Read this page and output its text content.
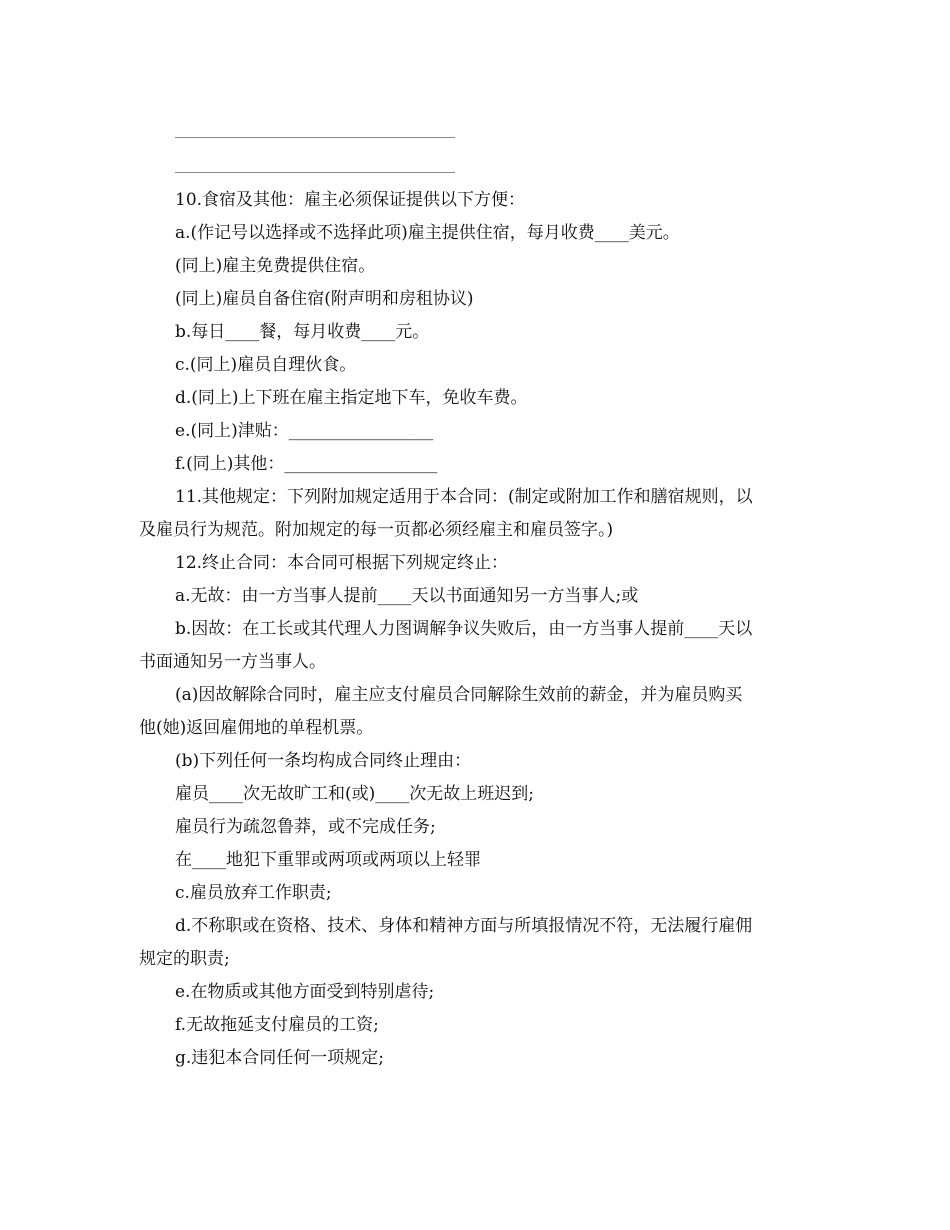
10.食宿及其他：雇主必须保证提供以下方便：
a.(作记号以选择或不选择此项)雇主提供住宿，每月收费____美元。
(同上)雇主免费提供住宿。
(同上)雇员自备住宿(附声明和房租协议)
b.每日____餐，每月收费____元。
c.(同上)雇员自理伙食。
d.(同上)上下班在雇主指定地下车，免收车费。
e.(同上)津贴：_________________
f.(同上)其他：__________________
11.其他规定：下列附加规定适用于本合同：(制定或附加工作和膳宿规则，以
及雇员行为规范。附加规定的每一页都必须经雇主和雇员签字。)
12.终止合同：本合同可根据下列规定终止：
a.无故：由一方当事人提前____天以书面通知另一方当事人;或
b.因故：在工长或其代理人力图调解争议失败后，由一方当事人提前____天以
书面通知另一方当事人。
(a)因故解除合同时，雇主应支付雇员合同解除生效前的薪金，并为雇员购买
他(她)返回雇佣地的单程机票。
(b)下列任何一条均构成合同终止理由：
雇员____次无故旷工和(或)____次无故上班迟到;
雇员行为疏忽鲁莽，或不完成任务;
在____地犯下重罪或两项或两项以上轻罪
c.雇员放弃工作职责;
d.不称职或在资格、技术、身体和精神方面与所填报情况不符，无法履行雇佣
规定的职责;
e.在物质或其他方面受到特别虐待;
f.无故拖延支付雇员的工资;
g.违犯本合同任何一项规定;
